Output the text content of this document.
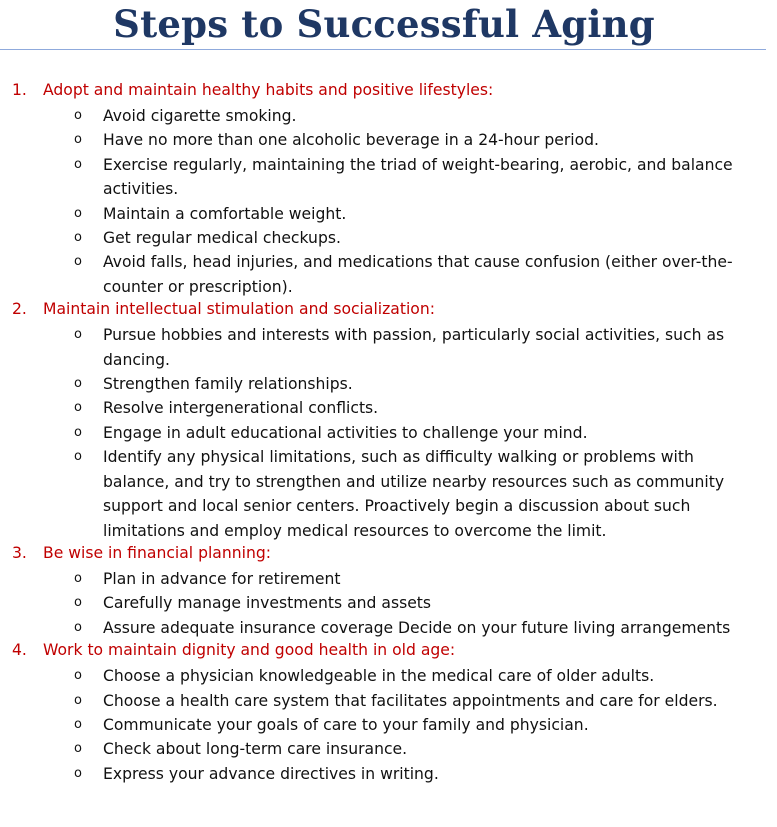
Steps to Successful Aging
1. Adopt and maintain healthy habits and positive lifestyles:
o Avoid cigarette smoking.
o Have no more than one alcoholic beverage in a 24-hour period.
o Exercise regularly, maintaining the triad of weight-bearing, aerobic, and balance activities.
o Maintain a comfortable weight.
o Get regular medical checkups.
o Avoid falls, head injuries, and medications that cause confusion (either over-the-counter or prescription).
2. Maintain intellectual stimulation and socialization:
o Pursue hobbies and interests with passion, particularly social activities, such as dancing.
o Strengthen family relationships.
o Resolve intergenerational conflicts.
o Engage in adult educational activities to challenge your mind.
o Identify any physical limitations, such as difficulty walking or problems with balance, and try to strengthen and utilize nearby resources such as community support and local senior centers. Proactively begin a discussion about such limitations and employ medical resources to overcome the limit.
3. Be wise in financial planning:
o Plan in advance for retirement
o Carefully manage investments and assets
o Assure adequate insurance coverage Decide on your future living arrangements
4. Work to maintain dignity and good health in old age:
o Choose a physician knowledgeable in the medical care of older adults.
o Choose a health care system that facilitates appointments and care for elders.
o Communicate your goals of care to your family and physician.
o Check about long-term care insurance.
o Express your advance directives in writing.
